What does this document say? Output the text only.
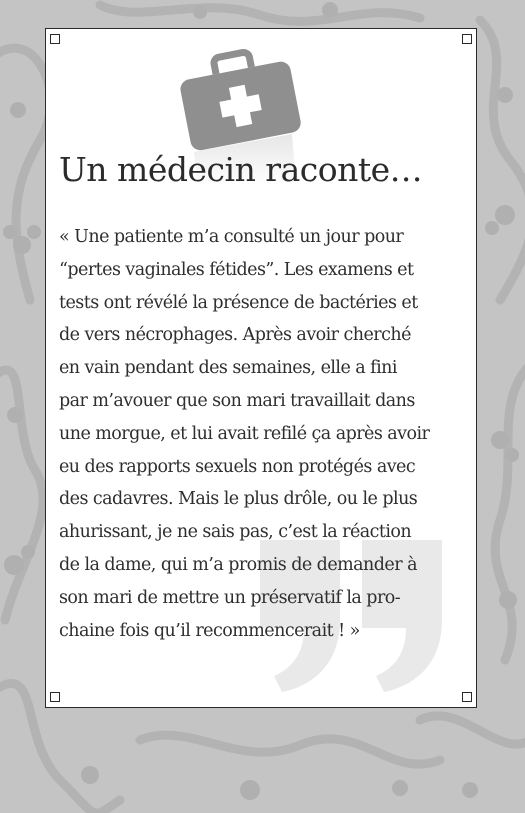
Un médecin raconte…
« Une patiente m’a consulté un jour pour
“pertes vaginales fétides”. Les examens et
tests ont révélé la présence de bactéries et
de vers nécrophages. Après avoir cherché
en vain pendant des semaines, elle a fini
par m’avouer que son mari travaillait dans
une morgue, et lui avait refilé ça après avoir
eu des rapports sexuels non protégés avec
des cadavres. Mais le plus drôle, ou le plus
ahurissant, je ne sais pas, c’est la réaction
de la dame, qui m’a promis de demander à
son mari de mettre un préservatif la pro-
chaine fois qu’il recommencerait ! »
